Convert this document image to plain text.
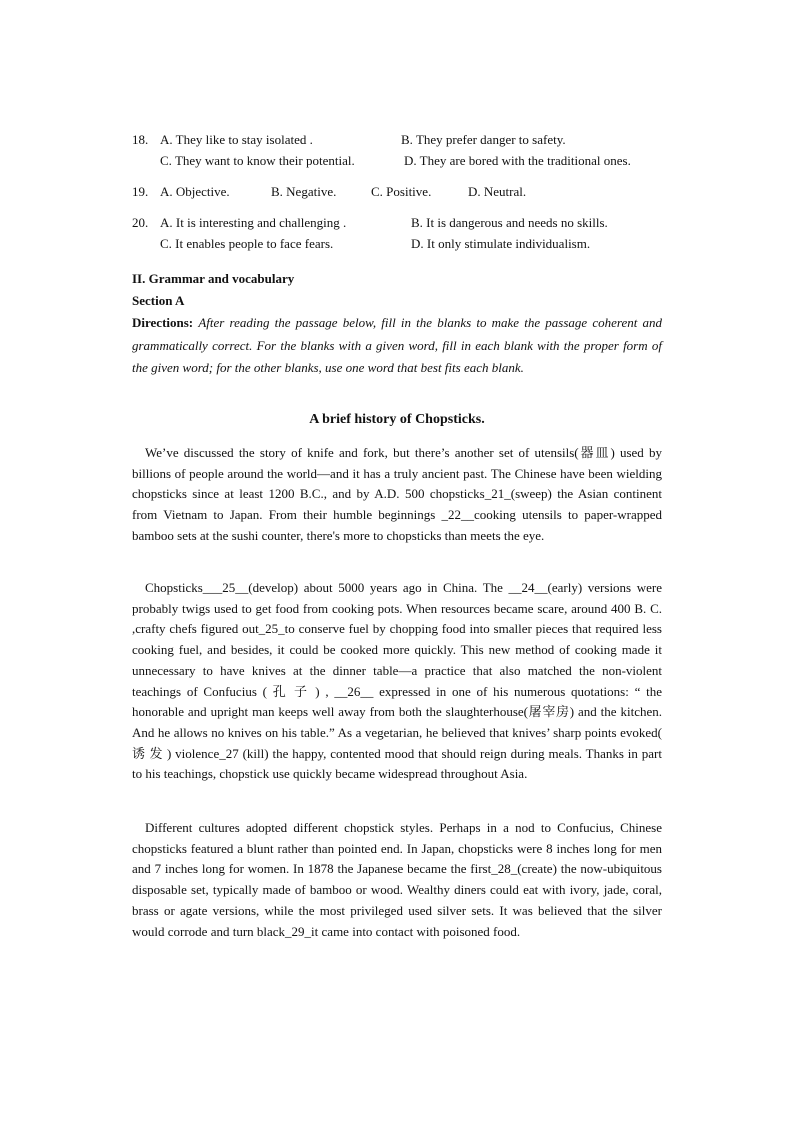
18. A. They like to stay isolated .	B. They prefer danger to safety.
C. They want to know their potential.	D. They are bored with the traditional ones.
19. A. Objective.	B. Negative.	C. Positive.	D. Neutral.
20. A. It is interesting and challenging .	B. It is dangerous and needs no skills.
C. It enables people to face fears.	D. It only stimulate individualism.
II. Grammar and vocabulary
Section A
Directions: After reading the passage below, fill in the blanks to make the passage coherent and grammatically correct. For the blanks with a given word, fill in each blank with the proper form of the given word; for the other blanks, use one word that best fits each blank.
A brief history of Chopsticks.

We’ve discussed the story of knife and fork, but there’s another set of utensils(器皿) used by billions of people around the world—and it has a truly ancient past. The Chinese have been wielding chopsticks since at least 1200 B.C., and by A.D. 500 chopsticks_21_(sweep) the Asian continent from Vietnam to Japan. From their humble beginnings _22__cooking utensils to paper-wrapped bamboo sets at the sushi counter, there's more to chopsticks than meets the eye.

Chopsticks___25__(develop) about 5000 years ago in China. The __24__(early) versions were probably twigs used to get food from cooking pots. When resources became scare, around 400 B. C. ,crafty chefs figured out_25_to conserve fuel by chopping food into smaller pieces that required less cooking fuel, and besides, it could be cooked more quickly. This new method of cooking made it unnecessary to have knives at the dinner table—a practice that also matched the non-violent teachings of Confucius ( 孔 子 ) , __26__ expressed in one of his numerous quotations: “ the honorable and upright man keeps well away from both the slaughterhouse(屠宰房) and the kitchen. And he allows no knives on his table.” As a vegetarian, he believed that knives’ sharp points evoked( 诱 发 ) violence_27 (kill) the happy, contented mood that should reign during meals. Thanks in part to his teachings, chopstick use quickly became widespread throughout Asia.

Different cultures adopted different chopstick styles. Perhaps in a nod to Confucius, Chinese chopsticks featured a blunt rather than pointed end. In Japan, chopsticks were 8 inches long for men and 7 inches long for women. In 1878 the Japanese became the first_28_(create) the now-ubiquitous disposable set, typically made of bamboo or wood. Wealthy diners could eat with ivory, jade, coral, brass or agate versions, while the most privileged used silver sets. It was believed that the silver would corrode and turn black_29_it came into contact with poisoned food.
